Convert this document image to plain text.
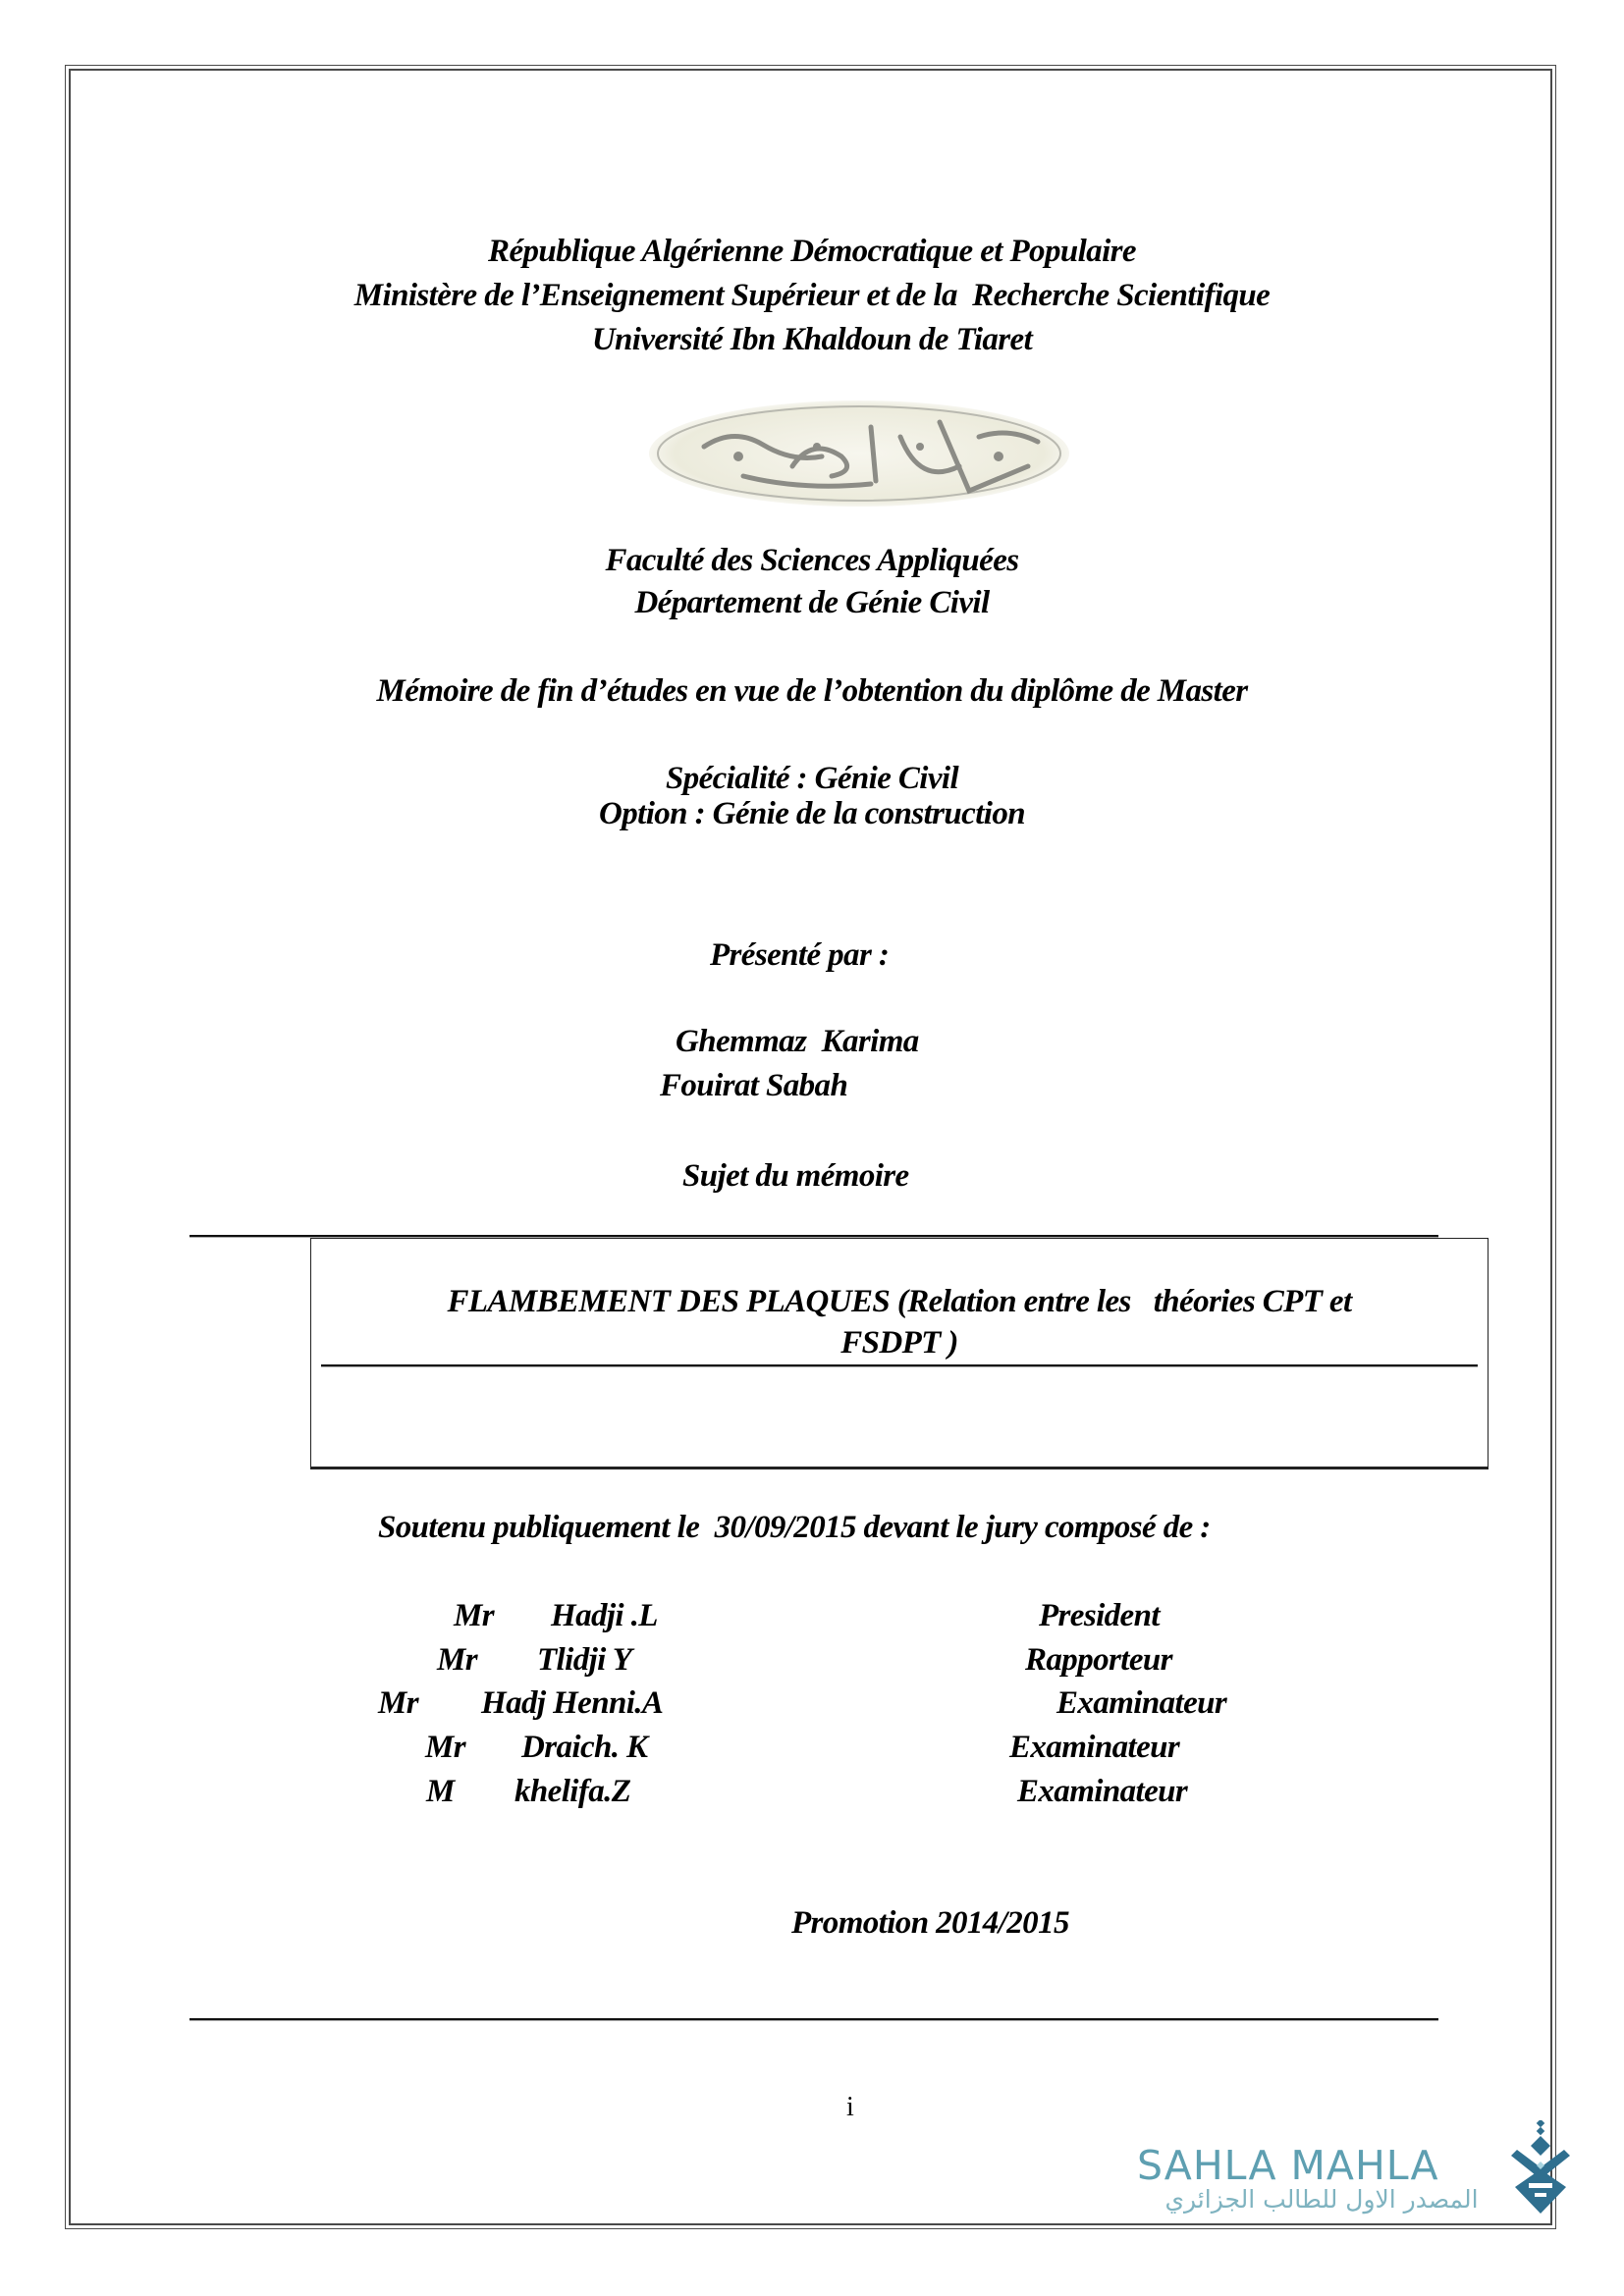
République Algérienne Démocratique et Populaire
Ministère de l’Enseignement Supérieur et de la  Recherche Scientifique
Université Ibn Khaldoun de Tiaret
Faculté des Sciences Appliquées
Département de Génie Civil
Mémoire de fin d’études en vue de l’obtention du diplôme de Master
Spécialité : Génie Civil
Option : Génie de la construction
Présenté par :
Ghemmaz  Karima
Fouirat Sabah
Sujet du mémoire
FLAMBEMENT DES PLAQUES (Relation entre les   théories CPT et
FSDPT )
Soutenu publiquement le  30/09/2015 devant le jury composé de :
Mr Hadji .L	President
Mr Tlidji Y	Rapporteur
Mr Hadj Henni.A	Examinateur
Mr Draich. K	Examinateur
M khelifa.Z	Examinateur
Promotion 2014/2015
i
SAHLA MAHLA
المصدر الاول للطالب الجزائري
